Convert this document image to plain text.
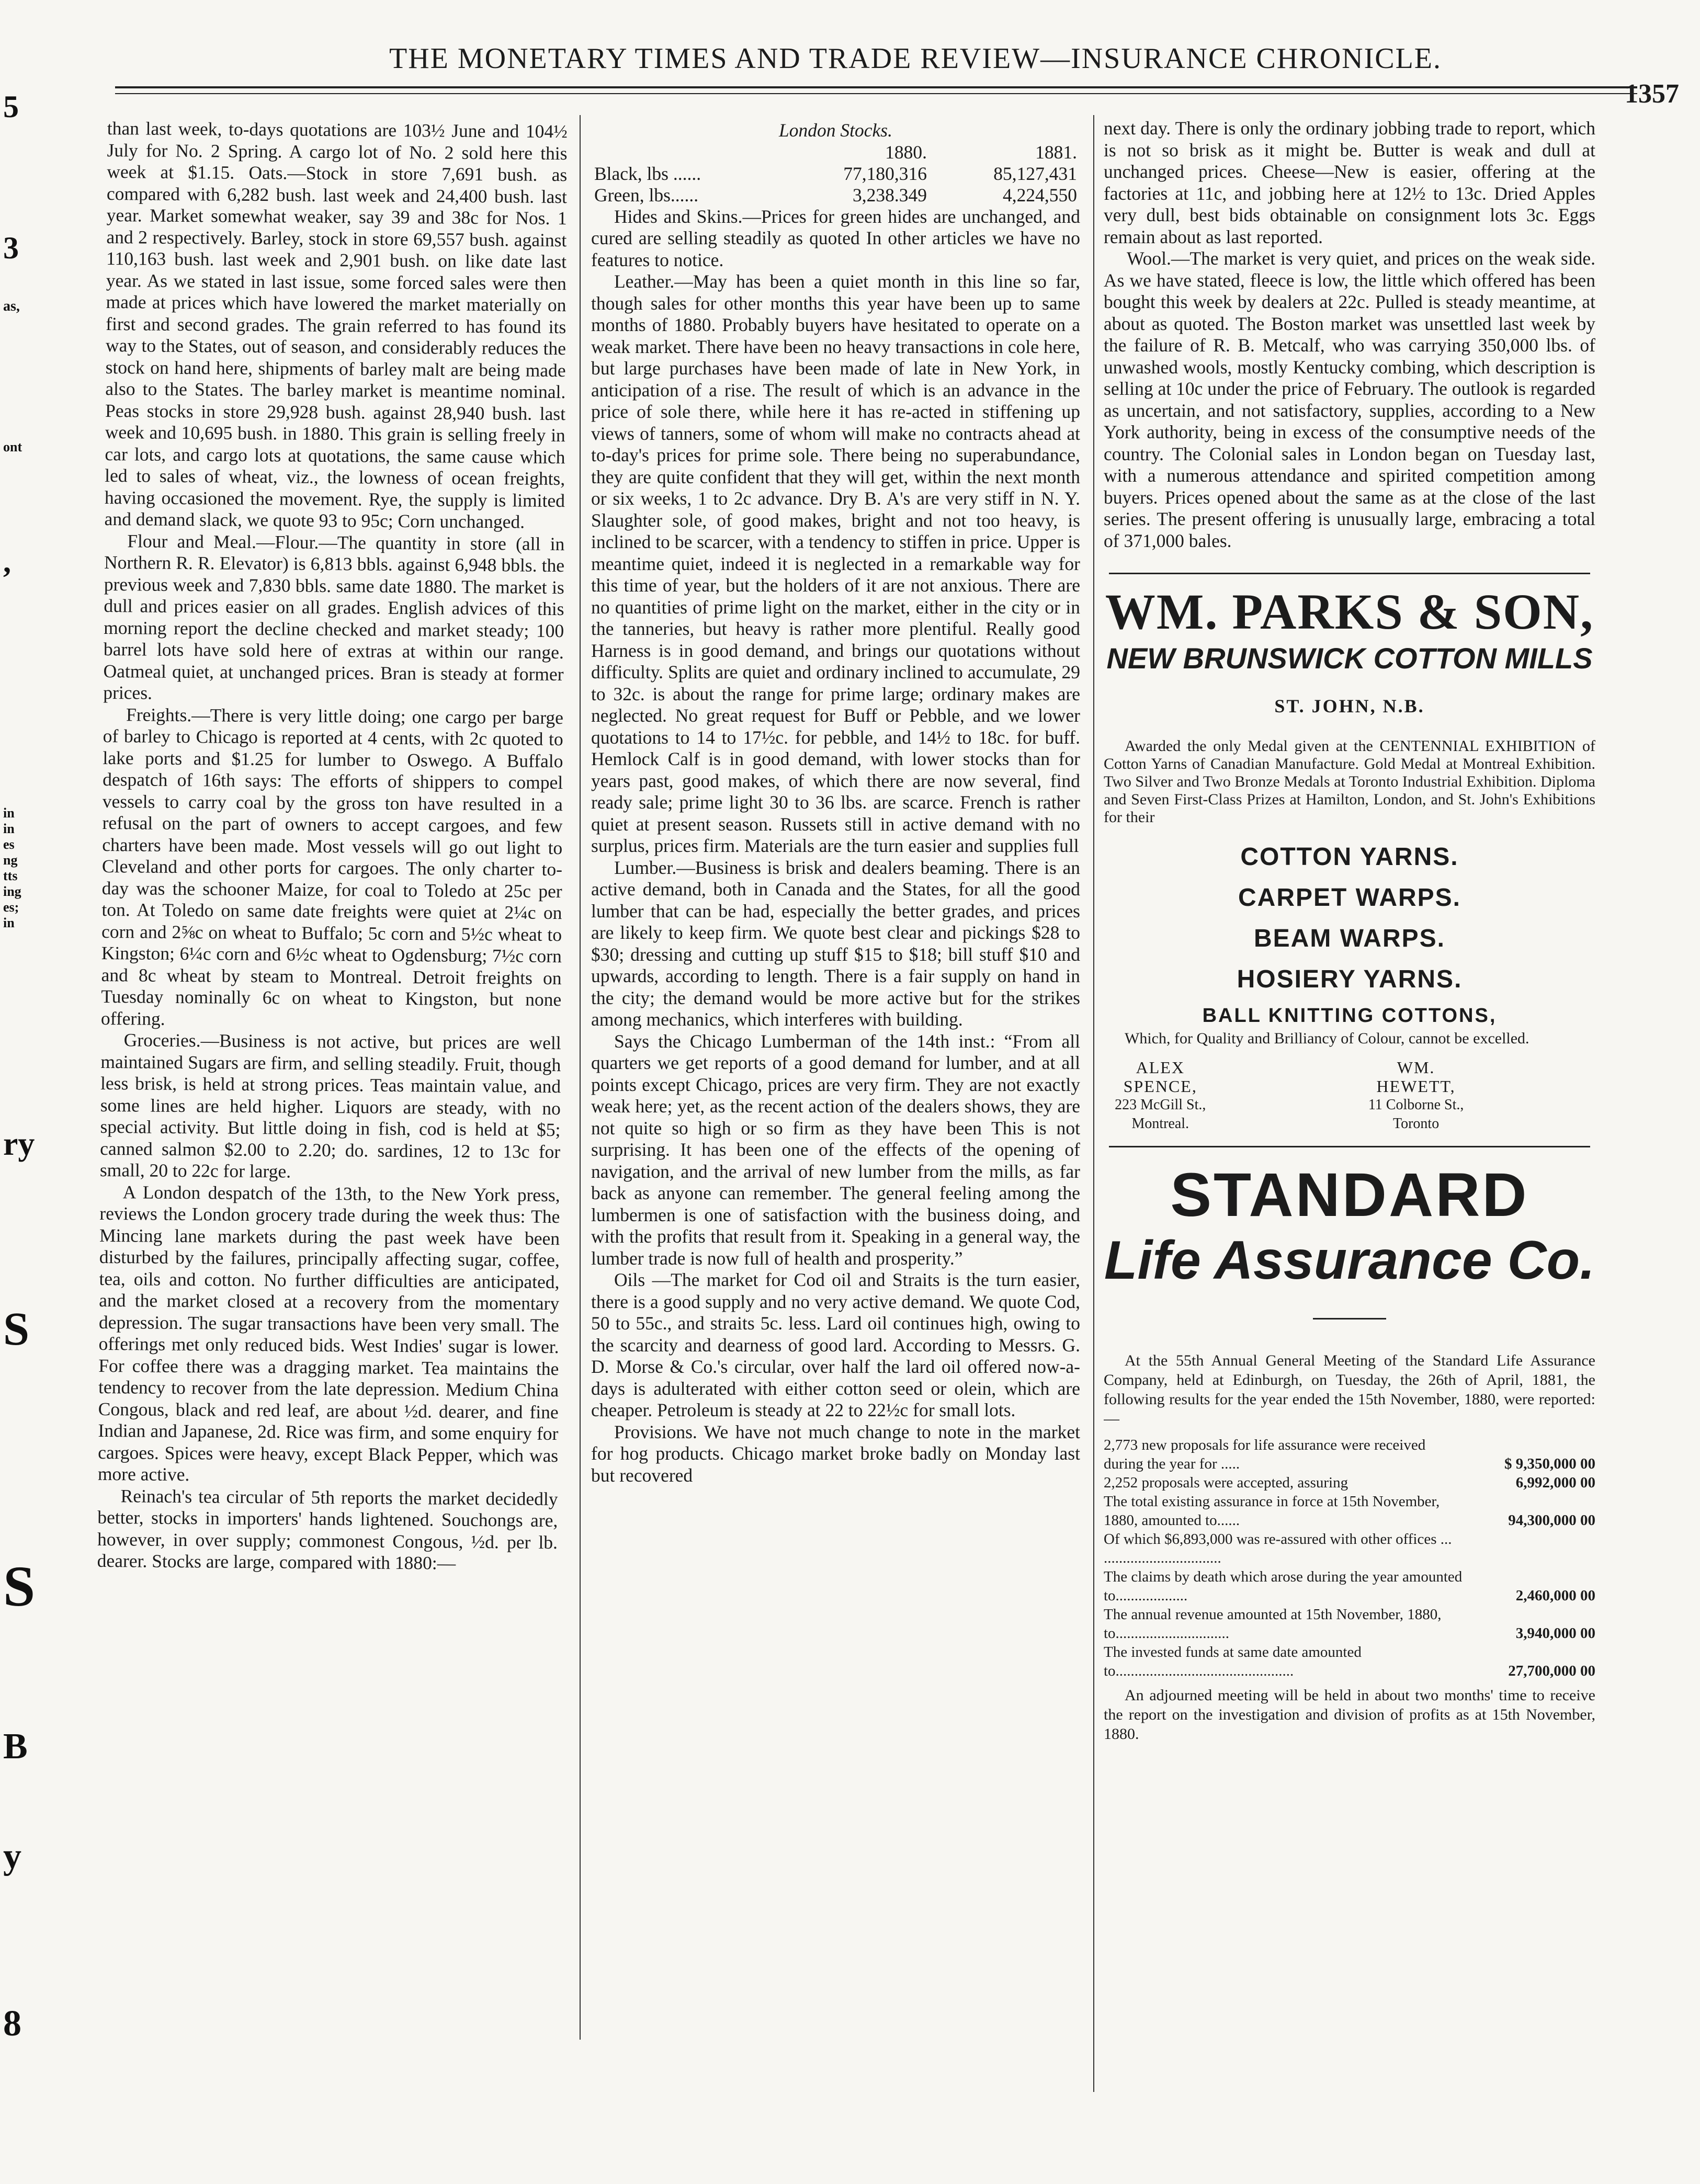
THE MONETARY TIMES AND TRADE REVIEW—INSURANCE CHRONICLE.
1357
5
3
as,
ont
,
in
in
es
ng
tts
ing
es;
in
ry
S
S
B
y
8

than last week, to-days quotations are 103½ June and 104½ July for No. 2 Spring. A cargo lot of No. 2 sold here this week at $1.15. Oats.—Stock in store 7,691 bush. as compared with 6,282 bush. last week and 24,400 bush. last year. Market somewhat weaker, say 39 and 38c for Nos. 1 and 2 respectively. Barley, stock in store 69,557 bush. against 110,163 bush. last week and 2,901 bush. on like date last year. As we stated in last issue, some forced sales were then made at prices which have lowered the market materially on first and second grades. The grain referred to has found its way to the States, out of season, and considerably reduces the stock on hand here, shipments of barley malt are being made also to the States. The barley market is meantime nominal. Peas stocks in store 29,928 bush. against 28,940 bush. last week and 10,695 bush. in 1880. This grain is selling freely in car lots, and cargo lots at quotations, the same cause which led to sales of wheat, viz., the lowness of ocean freights, having occasioned the movement. Rye, the supply is limited and demand slack, we quote 93 to 95c; Corn unchanged.

Flour and Meal.—Flour.—The quantity in store (all in Northern R. R. Elevator) is 6,813 bbls. against 6,948 bbls. the previous week and 7,830 bbls. same date 1880. The market is dull and prices easier on all grades. English advices of this morning report the decline checked and market steady; 100 barrel lots have sold here of extras at within our range. Oatmeal quiet, at unchanged prices. Bran is steady at former prices.

Freights.—There is very little doing; one cargo per barge of barley to Chicago is reported at 4 cents, with 2c quoted to lake ports and $1.25 for lumber to Oswego. A Buffalo despatch of 16th says: The efforts of shippers to compel vessels to carry coal by the gross ton have resulted in a refusal on the part of owners to accept cargoes, and few charters have been made. Most vessels will go out light to Cleveland and other ports for cargoes. The only charter to-day was the schooner Maize, for coal to Toledo at 25c per ton. At Toledo on same date freights were quiet at 2¼c on corn and 2⅝c on wheat to Buffalo; 5c corn and 5½c wheat to Kingston; 6¼c corn and 6½c wheat to Ogdensburg; 7½c corn and 8c wheat by steam to Montreal. Detroit freights on Tuesday nominally 6c on wheat to Kingston, but none offering.

Groceries.—Business is not active, but prices are well maintained Sugars are firm, and selling steadily. Fruit, though less brisk, is held at strong prices. Teas maintain value, and some lines are held higher. Liquors are steady, with no special activity. But little doing in fish, cod is held at $5; canned salmon $2.00 to 2.20; do. sardines, 12 to 13c for small, 20 to 22c for large.

A London despatch of the 13th, to the New York press, reviews the London grocery trade during the week thus: The Mincing lane markets during the past week have been disturbed by the failures, principally affecting sugar, coffee, tea, oils and cotton. No further difficulties are anticipated, and the market closed at a recovery from the momentary depression. The sugar transactions have been very small. The offerings met only reduced bids. West Indies' sugar is lower. For coffee there was a dragging market. Tea maintains the tendency to recover from the late depression. Medium China Congous, black and red leaf, are about ½d. dearer, and fine Indian and Japanese, 2d. Rice was firm, and some enquiry for cargoes. Spices were heavy, except Black Pepper, which was more active.

Reinach's tea circular of 5th reports the market decidedly better, stocks in importers' hands lightened. Souchongs are, however, in over supply; commonest Congous, ½d. per lb. dearer. Stocks are large, compared with 1880:—

London Stocks.
	1880.	1881.
Black, lbs ......	77,180,316	85,127,431
Green, lbs......	3,238.349	4,224,550

Hides and Skins.—Prices for green hides are unchanged, and cured are selling steadily as quoted In other articles we have no features to notice.

Leather.—May has been a quiet month in this line so far, though sales for other months this year have been up to same months of 1880. Probably buyers have hesitated to operate on a weak market. There have been no heavy transactions in cole here, but large purchases have been made of late in New York, in anticipation of a rise. The result of which is an advance in the price of sole there, while here it has re-acted in stiffening up views of tanners, some of whom will make no contracts ahead at to-day's prices for prime sole. There being no superabundance, they are quite confident that they will get, within the next month or six weeks, 1 to 2c advance. Dry B. A's are very stiff in N. Y. Slaughter sole, of good makes, bright and not too heavy, is inclined to be scarcer, with a tendency to stiffen in price. Upper is meantime quiet, indeed it is neglected in a remarkable way for this time of year, but the holders of it are not anxious. There are no quantities of prime light on the market, either in the city or in the tanneries, but heavy is rather more plentiful. Really good Harness is in good demand, and brings our quotations without difficulty. Splits are quiet and ordinary inclined to accumulate, 29 to 32c. is about the range for prime large; ordinary makes are neglected. No great request for Buff or Pebble, and we lower quotations to 14 to 17½c. for pebble, and 14½ to 18c. for buff. Hemlock Calf is in good demand, with lower stocks than for years past, good makes, of which there are now several, find ready sale; prime light 30 to 36 lbs. are scarce. French is rather quiet at present season. Russets still in active demand with no surplus, prices firm. Materials are the turn easier and supplies full

Lumber.—Business is brisk and dealers beaming. There is an active demand, both in Canada and the States, for all the good lumber that can be had, especially the better grades, and prices are likely to keep firm. We quote best clear and pickings $28 to $30; dressing and cutting up stuff $15 to $18; bill stuff $10 and upwards, according to length. There is a fair supply on hand in the city; the demand would be more active but for the strikes among mechanics, which interferes with building.

Says the Chicago Lumberman of the 14th inst.: “From all quarters we get reports of a good demand for lumber, and at all points except Chicago, prices are very firm. They are not exactly weak here; yet, as the recent action of the dealers shows, they are not quite so high or so firm as they have been This is not surprising. It has been one of the effects of the opening of navigation, and the arrival of new lumber from the mills, as far back as anyone can remember. The general feeling among the lumbermen is one of satisfaction with the business doing, and with the profits that result from it. Speaking in a general way, the lumber trade is now full of health and prosperity.”

Oils —The market for Cod oil and Straits is the turn easier, there is a good supply and no very active demand. We quote Cod, 50 to 55c., and straits 5c. less. Lard oil continues high, owing to the scarcity and dearness of good lard. According to Messrs. G. D. Morse & Co.'s circular, over half the lard oil offered now-a-days is adulterated with either cotton seed or olein, which are cheaper. Petroleum is steady at 22 to 22½c for small lots.

Provisions. We have not much change to note in the market for hog products. Chicago market broke badly on Monday last but recovered

next day. There is only the ordinary jobbing trade to report, which is not so brisk as it might be. Butter is weak and dull at unchanged prices. Cheese—New is easier, offering at the factories at 11c, and jobbing here at 12½ to 13c. Dried Apples very dull, best bids obtainable on consignment lots 3c. Eggs remain about as last reported.

Wool.—The market is very quiet, and prices on the weak side. As we have stated, fleece is low, the little which offered has been bought this week by dealers at 22c. Pulled is steady meantime, at about as quoted. The Boston market was unsettled last week by the failure of R. B. Metcalf, who was carrying 350,000 lbs. of unwashed wools, mostly Kentucky combing, which description is selling at 10c under the price of February. The outlook is regarded as uncertain, and not satisfactory, supplies, according to a New York authority, being in excess of the consumptive needs of the country. The Colonial sales in London began on Tuesday last, with a numerous attendance and spirited competition among buyers. Prices opened about the same as at the close of the last series. The present offering is unusually large, embracing a total of 371,000 bales.

WM. PARKS & SON,
NEW BRUNSWICK COTTON MILLS
ST. JOHN, N.B.
Awarded the only Medal given at the CENTENNIAL EXHIBITION of Cotton Yarns of Canadian Manufacture. Gold Medal at Montreal Exhibition. Two Silver and Two Bronze Medals at Toronto Industrial Exhibition. Diploma and Seven First-Class Prizes at Hamilton, London, and St. John's Exhibitions for their
COTTON YARNS.
CARPET WARPS.
BEAM WARPS.
HOSIERY YARNS.
BALL KNITTING COTTONS,
Which, for Quality and Brilliancy of Colour, cannot be excelled.
ALEX SPENCE,
223 McGill St., Montreal.
WM. HEWETT,
11 Colborne St., Toronto
STANDARD
Life Assurance Co.
At the 55th Annual General Meeting of the Standard Life Assurance Company, held at Edinburgh, on Tuesday, the 26th of April, 1881, the following results for the year ended the 15th November, 1880, were reported:—
2,773 new proposals for life assurance were received during the year for .....	$ 9,350,000 00
2,252 proposals were accepted, assuring	6,992,000 00
The total existing assurance in force at 15th November, 1880, amounted to......	94,300,000 00
Of which $6,893,000 was re-assured with other offices ... ...............................
The claims by death which arose during the year amounted to...................	2,460,000 00
The annual revenue amounted at 15th November, 1880, to..............................	3,940,000 00
The invested funds at same date amounted to...............................................	27,700,000 00
An adjourned meeting will be held in about two months' time to receive the report on the investigation and division of profits as at 15th November, 1880.
